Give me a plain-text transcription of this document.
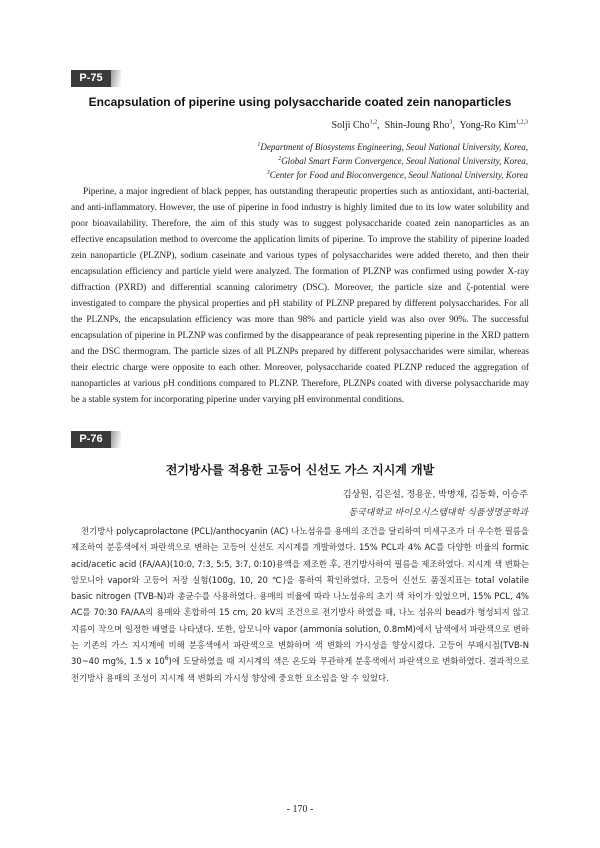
P-75
Encapsulation of piperine using polysaccharide coated zein nanoparticles
Solji Cho$^{1,2}$,  Shin-Joung Rho$^3$,  Yong-Ro Kim$^{1,2,3}$
$^1$Department of Biosystems Engineering, Seoul National University, Korea,
$^2$Global Smart Farm Convergence, Seoul National University, Korea,
$^3$Center for Food and Bioconvergence, Seoul National University, Korea

Piperine, a major ingredient of black pepper, has outstanding therapeutic properties such as antioxidant, anti-bacterial, and anti-inflammatory. However, the use of piperine in food industry is highly limited due to its low water solubility and poor bioavailability. Therefore, the aim of this study was to suggest polysaccharide coated zein nanoparticles as an effective encapsulation method to overcome the application limits of piperine. To improve the stability of piperine loaded zein nanoparticle (PLZNP), sodium caseinate and various types of polysaccharides were added thereto, and then their encapsulation efficiency and particle yield were analyzed. The formation of PLZNP was confirmed using powder X-ray diffraction (PXRD) and differential scanning calorimetry (DSC). Moreover, the particle size and ζ-potential were investigated to compare the physical properties and pH stability of PLZNP prepared by different polysaccharides. For all the PLZNPs, the encapsulation efficiency was more than 98% and particle yield was also over 90%. The successful encapsulation of piperine in PLZNP was confirmed by the disappearance of peak representing piperine in the XRD pattern and the DSC thermogram. The particle sizes of all PLZNPs prepared by different polysaccharides were similar, whereas their electric charge were opposite to each other. Moreover, polysaccharide coated PLZNP reduced the aggregation of nanoparticles at various pH conditions compared to PLZNP. Therefore, PLZNPs coated with diverse polysaccharide may be a stable system for incorporating piperine under varying pH environmental conditions.

P-76
전기방사를 적용한 고등어 신선도 가스 지시계 개발
김상원, 김은설, 정용운, 박병재, 김동화, 이승주
동국대학교 바이오시스템대학 식품생명공학과

전기방사 polycaprolactone (PCL)/anthocyanin (AC) 나노섬유를 용매의 조건을 달리하여 미세구조가 더 우수한 필름을 제조하여 분홍색에서 파란색으로 변하는 고등어 신선도 지시계를 개발하였다. 15% PCL과 4% AC를 다양한 비율의 formic acid/acetic acid (FA/AA)(10:0, 7:3, 5:5, 3:7, 0:10)용액을 제조한 후, 전기방사하여 필름을 제조하였다. 지시계 색 변화는 암모니아 vapor와 고등어 저장 실험(100g, 10, 20 ℃)을 통하여 확인하였다. 고등어 신선도 품질지표는 total volatile basic nitrogen (TVB-N)과 총균수를 사용하였다. 용매의 비율에 따라 나노섬유의 초기 색 차이가 있었으며, 15% PCL, 4% AC를 70:30 FA/AA의 용매와 혼합하여 15 cm, 20 kV의 조건으로 전기방사 하였을 때, 나노 섬유의 bead가 형성되지 않고 지름이 작으며 일정한 배열을 나타냈다. 또한, 암모니아 vapor (ammonia solution, 0.8mM)에서 남색에서 파란색으로 변하는 기존의 가스 지시계에 비해 분홍색에서 파란색으로 변화하며 색 변화의 가시성을 향상시켰다. 고등어 부패시점(TVB-N 30~40 mg%, 1.5 x $10^6$)에 도달하였을 때 지시계의 색은 온도와 무관하게 분홍색에서 파란색으로 변화하였다. 결과적으로 전기방사 용매의 조성이 지시계 색 변화의 가시성 향상에 중요한 요소임을 알 수 있었다.

- 170 -
